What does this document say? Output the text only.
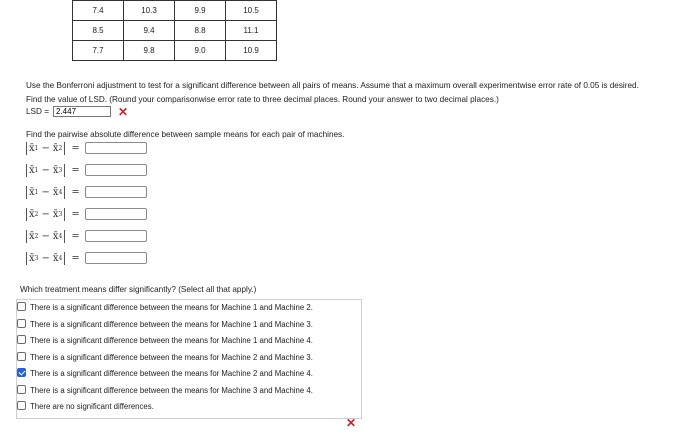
7.4	10.3	9.9	10.5
8.5	9.4	8.8	11.1
7.7	9.8	9.0	10.9
Use the Bonferroni adjustment to test for a significant difference between all pairs of means. Assume that a maximum overall experimentwise error rate of 0.05 is desired.
Find the value of LSD. (Round your comparisonwise error rate to three decimal places. Round your answer to two decimal places.)
LSD =
2.447	✕
Find the pairwise absolute difference between sample means for each pair of machines.
x̄ 1 − x̄ 2 =
x̄ 1 − x̄ 3 =
x̄ 1 − x̄ 4 =
x̄ 2 − x̄ 3 =
x̄ 2 − x̄ 4 =
x̄ 3 − x̄ 4 =
Which treatment means differ significantly? (Select all that apply.)
There is a significant difference between the means for Machine 1 and Machine 2.
There is a significant difference between the means for Machine 1 and Machine 3.
There is a significant difference between the means for Machine 1 and Machine 4.
There is a significant difference between the means for Machine 2 and Machine 3.
There is a significant difference between the means for Machine 2 and Machine 4.
There is a significant difference between the means for Machine 3 and Machine 4.
There are no significant differences.
✕
